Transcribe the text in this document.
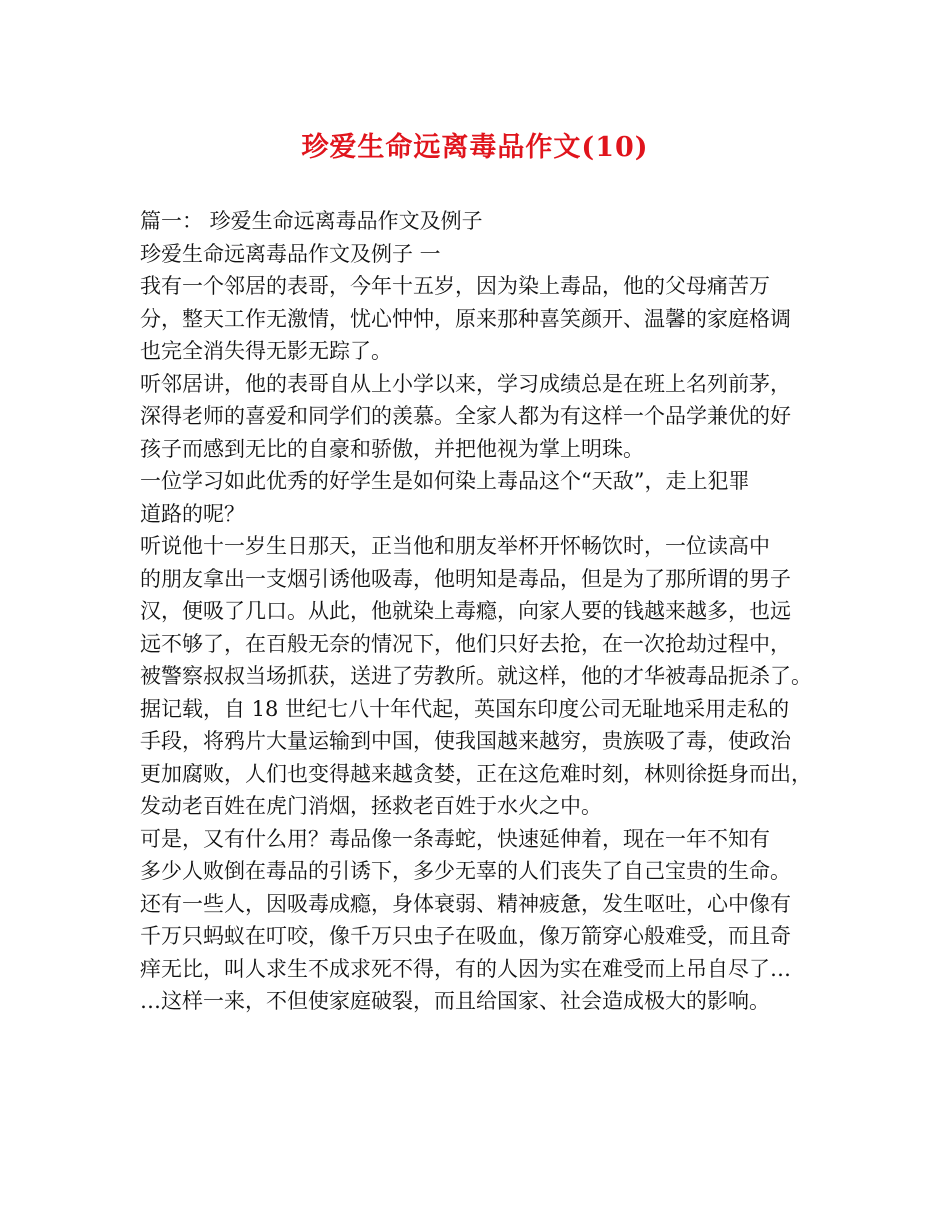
珍爱生命远离毒品作文(10)
篇一： 珍爱生命远离毒品作文及例子
珍爱生命远离毒品作文及例子 一
我有一个邻居的表哥，今年十五岁，因为染上毒品，他的父母痛苦万
分，整天工作无激情，忧心忡忡，原来那种喜笑颜开、温馨的家庭格调
也完全消失得无影无踪了。
听邻居讲，他的表哥自从上小学以来，学习成绩总是在班上名列前茅，
深得老师的喜爱和同学们的羡慕。全家人都为有这样一个品学兼优的好
孩子而感到无比的自豪和骄傲，并把他视为掌上明珠。
一位学习如此优秀的好学生是如何染上毒品这个“天敌”，走上犯罪
道路的呢？
听说他十一岁生日那天，正当他和朋友举杯开怀畅饮时，一位读高中
的朋友拿出一支烟引诱他吸毒，他明知是毒品，但是为了那所谓的男子
汉，便吸了几口。从此，他就染上毒瘾，向家人要的钱越来越多，也远
远不够了，在百般无奈的情况下，他们只好去抢，在一次抢劫过程中，
被警察叔叔当场抓获，送进了劳教所。就这样，他的才华被毒品扼杀了。
据记载，自 18 世纪七八十年代起，英国东印度公司无耻地采用走私的
手段，将鸦片大量运输到中国，使我国越来越穷，贵族吸了毒，使政治
更加腐败，人们也变得越来越贪婪，正在这危难时刻，林则徐挺身而出，
发动老百姓在虎门消烟，拯救老百姓于水火之中。
可是，又有什么用？毒品像一条毒蛇，快速延伸着，现在一年不知有
多少人败倒在毒品的引诱下，多少无辜的人们丧失了自己宝贵的生命。
还有一些人，因吸毒成瘾，身体衰弱、精神疲惫，发生呕吐，心中像有
千万只蚂蚁在叮咬，像千万只虫子在吸血，像万箭穿心般难受，而且奇
痒无比，叫人求生不成求死不得，有的人因为实在难受而上吊自尽了…
…这样一来，不但使家庭破裂，而且给国家、社会造成极大的影响。
